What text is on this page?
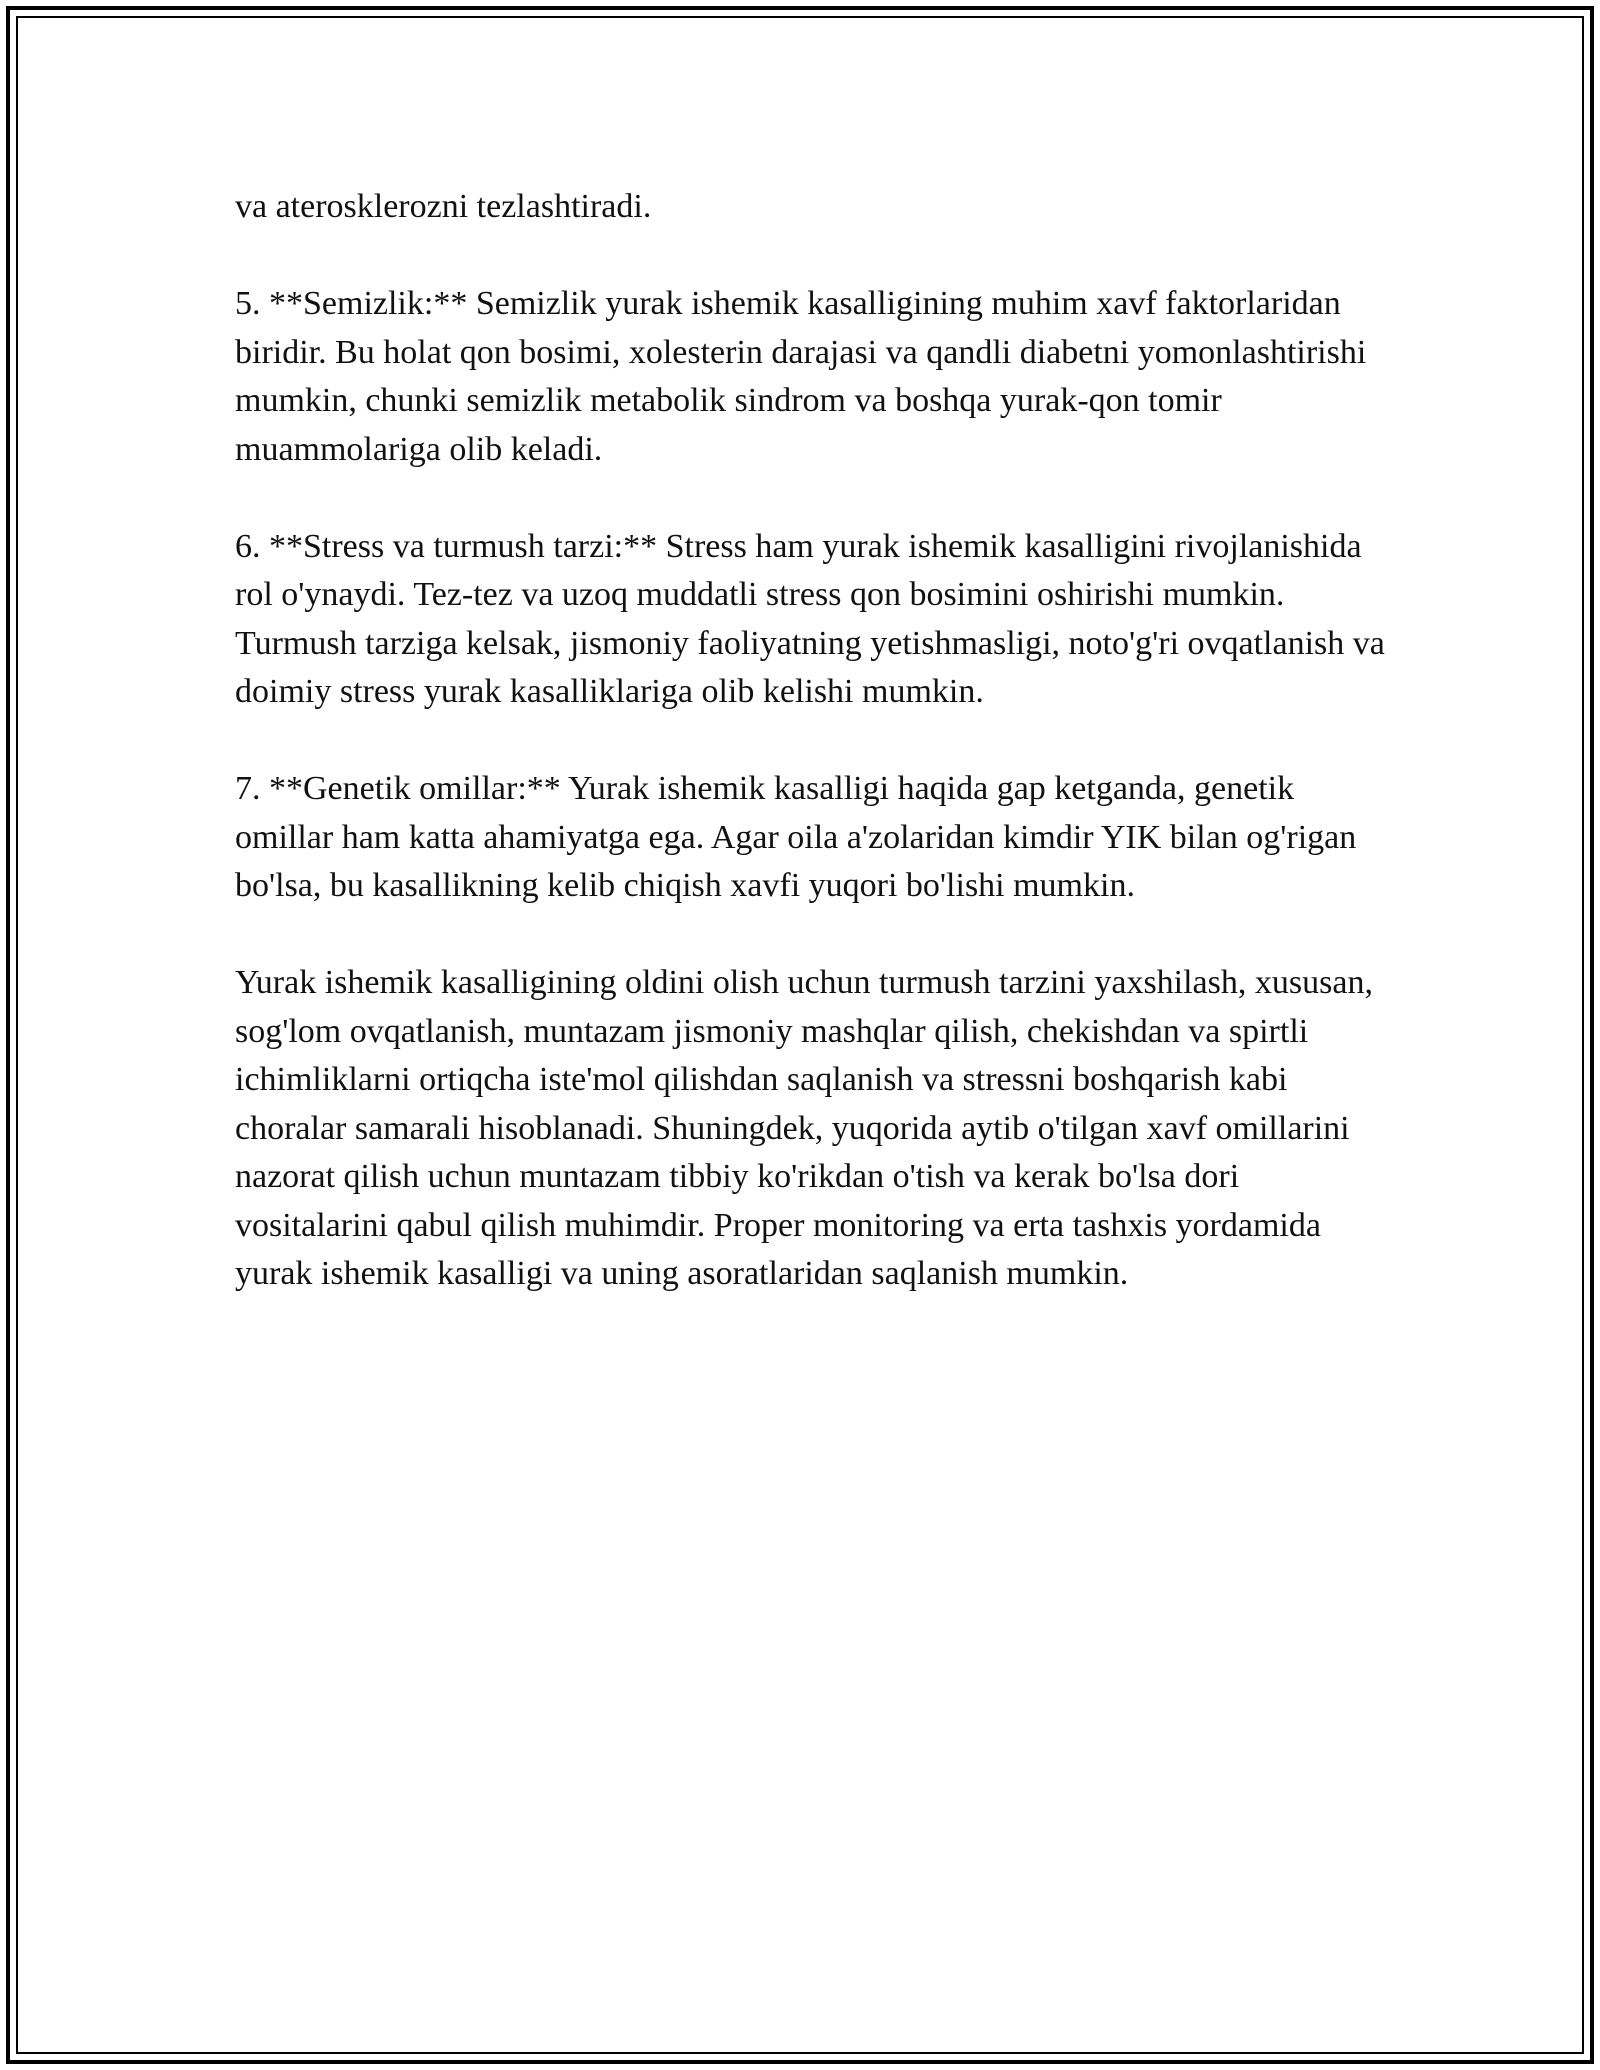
va aterosklerozni tezlashtiradi.

5. **Semizlik:** Semizlik yurak ishemik kasalligining muhim xavf faktorlaridan biridir. Bu holat qon bosimi, xolesterin darajasi va qandli diabetni yomonlashtirishi mumkin, chunki semizlik metabolik sindrom va boshqa yurak-qon tomir muammolariga olib keladi.

6. **Stress va turmush tarzi:** Stress ham yurak ishemik kasalligini rivojlanishida rol o'ynaydi. Tez-tez va uzoq muddatli stress qon bosimini oshirishi mumkin. Turmush tarziga kelsak, jismoniy faoliyatning yetishmasligi, noto'g'ri ovqatlanish va doimiy stress yurak kasalliklariga olib kelishi mumkin.

7. **Genetik omillar:** Yurak ishemik kasalligi haqida gap ketganda, genetik omillar ham katta ahamiyatga ega. Agar oila a'zolaridan kimdir YIK bilan og'rigan bo'lsa, bu kasallikning kelib chiqish xavfi yuqori bo'lishi mumkin.

Yurak ishemik kasalligining oldini olish uchun turmush tarzini yaxshilash, xususan, sog'lom ovqatlanish, muntazam jismoniy mashqlar qilish, chekishdan va spirtli ichimliklarni ortiqcha iste'mol qilishdan saqlanish va stressni boshqarish kabi choralar samarali hisoblanadi. Shuningdek, yuqorida aytib o'tilgan xavf omillarini nazorat qilish uchun muntazam tibbiy ko'rikdan o'tish va kerak bo'lsa dori vositalarini qabul qilish muhimdir. Proper monitoring va erta tashxis yordamida yurak ishemik kasalligi va uning asoratlaridan saqlanish mumkin.
